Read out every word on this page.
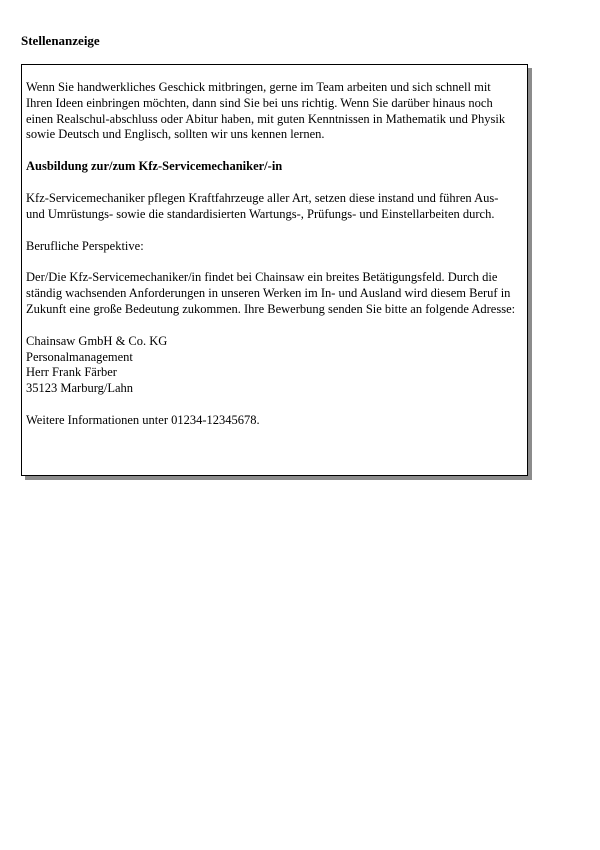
Stellenanzeige

Wenn Sie handwerkliches Geschick mitbringen, gerne im Team arbeiten und sich schnell mit Ihren Ideen einbringen möchten, dann sind Sie bei uns richtig. Wenn Sie darüber hinaus noch einen Realschul-abschluss oder Abitur haben, mit guten Kenntnissen in Mathematik und Physik sowie Deutsch und Englisch, sollten wir uns kennen lernen.

Ausbildung zur/zum Kfz-Servicemechaniker/-in

Kfz-Servicemechaniker pflegen Kraftfahrzeuge aller Art, setzen diese instand und führen Aus- und Umrüstungs- sowie die standardisierten Wartungs-, Prüfungs- und Einstellarbeiten durch.

Berufliche Perspektive:

Der/Die Kfz-Servicemechaniker/in findet bei Chainsaw ein breites Betätigungsfeld. Durch die ständig wachsenden Anforderungen in unseren Werken im In- und Ausland wird diesem Beruf in Zukunft eine große Bedeutung zukommen. Ihre Bewerbung senden Sie bitte an folgende Adresse:

Chainsaw GmbH & Co. KG
Personalmanagement
Herr Frank Färber
35123 Marburg/Lahn

Weitere Informationen unter 01234-12345678.
